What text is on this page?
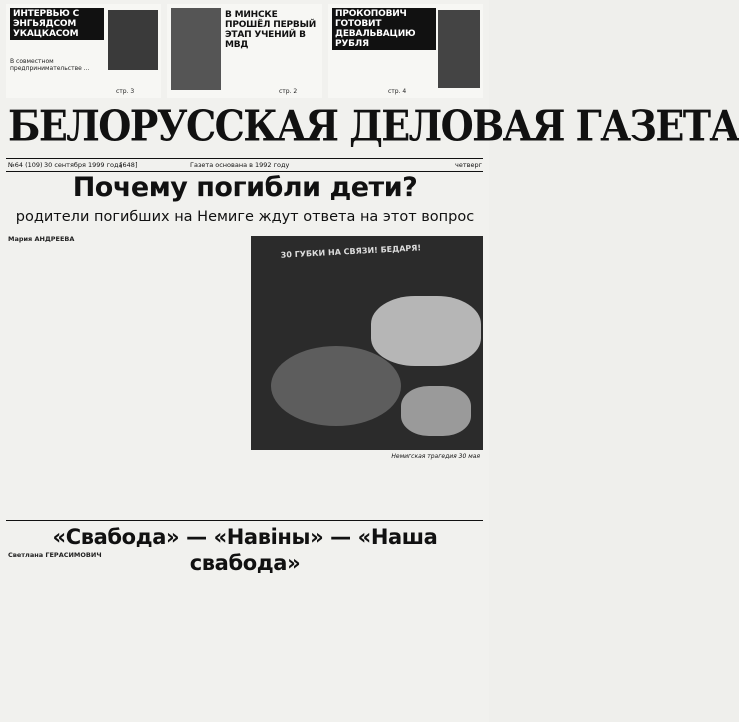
ИНТЕРВЬЮ С ЭНГЬЯДСОМ УКАЦКАСОМ
В совместном предпринимательстве ...
стр. 3
В МИНСКЕ ПРОШЁЛ ПЕРВЫЙ ЭТАП УЧЕНИЙ В МВД
стр. 2
ПРОКОПОВИЧ ГОТОВИТ ДЕВАЛЬВАЦИЮ РУБЛЯ
стр. 4
БЕЛОРУССКАЯ ДЕЛОВАЯ ГАЗЕТА
№64 (109) 30 сентября 1999 года
[648]	Газета основана в 1992 году	четверг
Почему погибли дети?
родители погибших на Немиге ждут ответа на этот вопрос
Мария АНДРЕЕВА
30 ГУБКИ НА СВЯЗИ! БЕДАРЯ!
Немигская трагедия 30 мая
«Свабода» — «Навіны» — «Наша свабода»
Светлана ГЕРАСИМОВИЧ
